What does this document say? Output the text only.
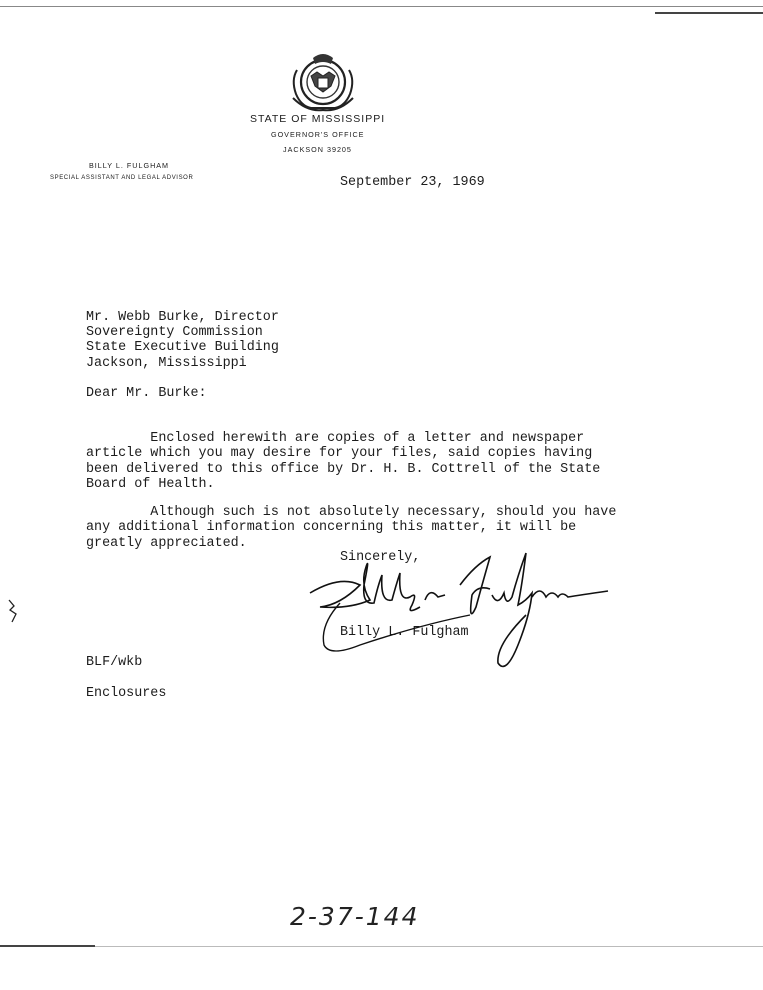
STATE OF MISSISSIPPI
GOVERNOR'S OFFICE
JACKSON 39205
BILLY L. FULGHAM
SPECIAL ASSISTANT AND LEGAL ADVISOR	September 23, 1969
Mr. Webb Burke, Director
Sovereignty Commission
State Executive Building
Jackson, Mississippi
Dear Mr. Burke:

Enclosed herewith are copies of a letter and newspaper
article which you may desire for your files, said copies having
been delivered to this office by Dr. H. B. Cottrell of the State
Board of Health.

Although such is not absolutely necessary, should you have
any additional information concerning this matter, it will be
greatly appreciated.

Sincerely,
Billy L. Fulgham
BLF/wkb
Enclosures
2-37-144
